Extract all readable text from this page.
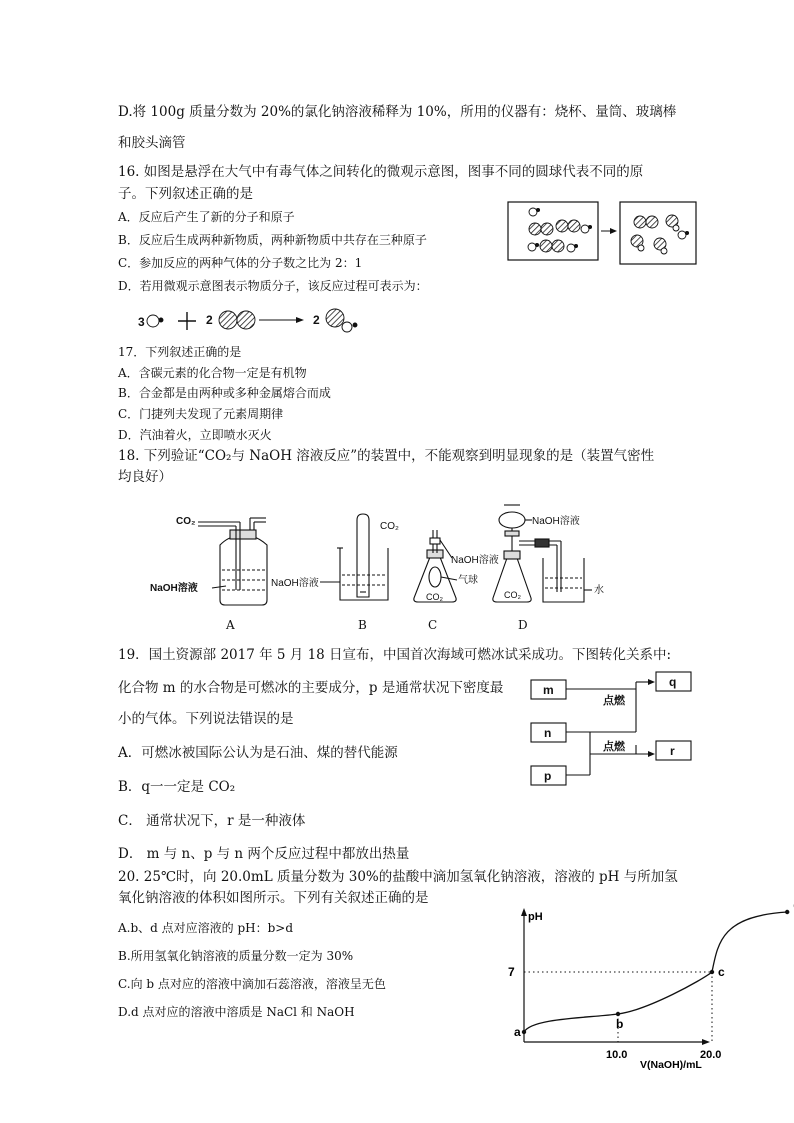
D.将 100g 质量分数为 20%的氯化钠溶液稀释为 10%，所用的仪器有：烧杯、量筒、玻璃棒
和胶头滴管
16. 如图是悬浮在大气中有毒气体之间转化的微观示意图，图事不同的圆球代表不同的原
子。下列叙述正确的是
A．反应后产生了新的分子和原子
B．反应后生成两种新物质，两种新物质中共存在三种原子
C．参加反应的两种气体的分子数之比为 2：1
D．若用微观示意图表示物质分子，该反应过程可表示为：
3	2	2
17．下列叙述正确的是
A．含碳元素的化合物一定是有机物
B．合金都是由两种或多种金属熔合而成
C．门捷列夫发现了元素周期律
D．汽油着火，立即喷水灭火
18. 下列验证“CO₂与 NaOH 溶液反应”的装置中，不能观察到明显现象的是（装置气密性
均良好）
CO₂
NaOH溶液
CO₂
NaOH溶液
NaOH溶液
气球
CO₂
NaOH溶液
CO₂	水
A	B	C	D
19．国土资源部 2017 年 5 月 18 日宣布，中国首次海域可燃冰试采成功。下图转化关系中:
化合物 m 的水合物是可燃冰的主要成分，p 是通常状况下密度最
小的气体。下列说法错误的是
A．可燃冰被国际公认为是石油、煤的替代能源
B．q一一定是 CO₂
C． 通常状况下，r 是一种液体
D． m 与 n、p 与 n 两个反应过程中都放出热量
m
n
p
q
r
点燃
点燃
20. 25℃时，向 20.0mL 质量分数为 30%的盐酸中滴加氢氧化钠溶液，溶液的 pH 与所加氢
氧化钠溶液的体积如图所示。下列有关叙述正确的是
A.b、d 点对应溶液的 pH：b>d
B.所用氢氧化钠溶液的质量分数一定为 30%
C.向 b 点对应的溶液中滴加石蕊溶液，溶液呈无色
D.d 点对应的溶液中溶质是 NaCl 和 NaOH
a
b
c
pH
V(NaOH)/mL
7
10.0	20.0
